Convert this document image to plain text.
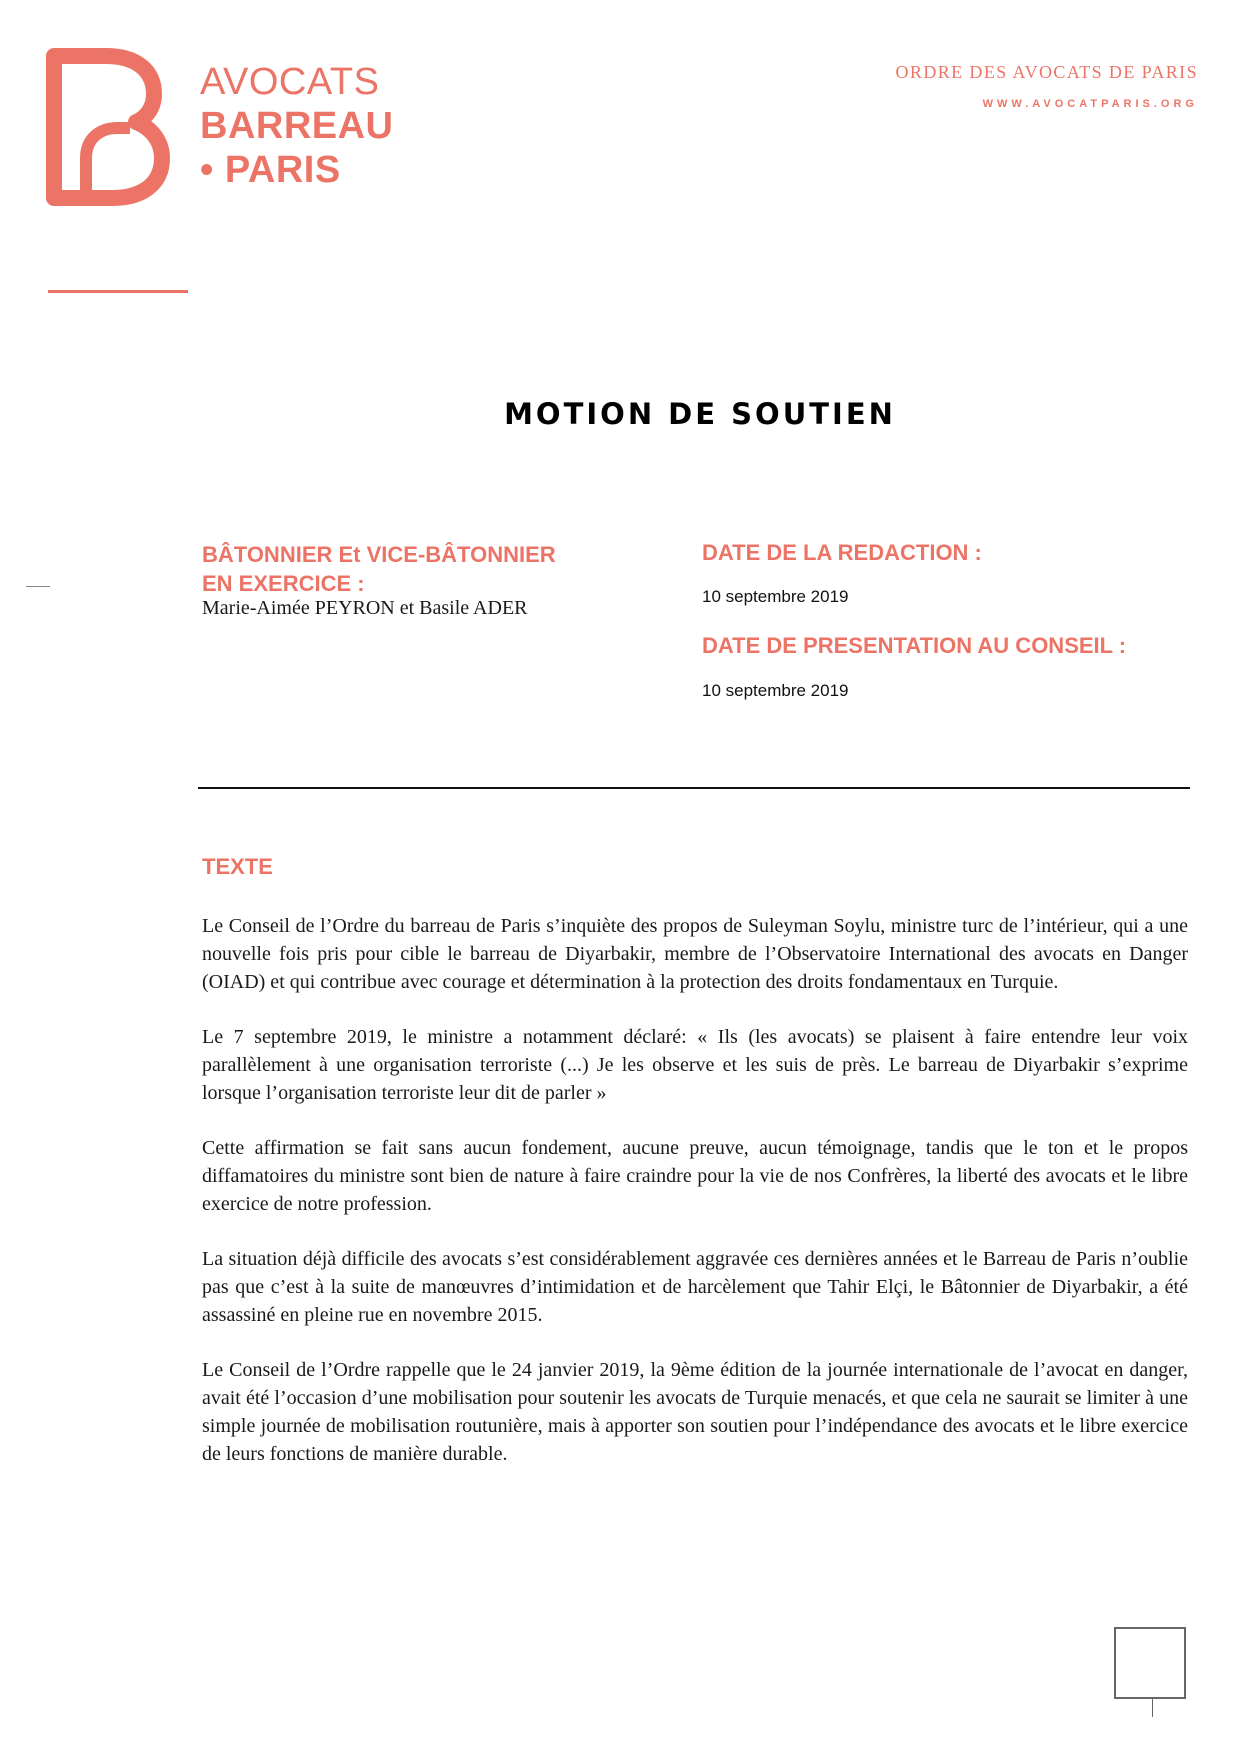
AVOCATS
BARREAU
• PARIS
ORDRE DES AVOCATS DE PARIS
WWW.AVOCATPARIS.ORG
MOTION DE SOUTIEN
BÂTONNIER Et VICE-BÂTONNIER
EN EXERCICE :
Marie-Aimée PEYRON et Basile ADER
DATE DE LA REDACTION :
10 septembre 2019
DATE DE PRESENTATION AU CONSEIL :
10 septembre 2019
TEXTE

Le Conseil de l’Ordre du barreau de Paris s’inquiète des propos de Suleyman Soylu, ministre turc de l’intérieur, qui a une nouvelle fois pris pour cible le barreau de Diyarbakir, membre de l’Observatoire International des avocats en Danger (OIAD) et qui contribue avec courage et détermination à la protection des droits fondamentaux en Turquie.

Le 7 septembre 2019, le ministre a notamment déclaré: « Ils (les avocats) se plaisent à faire entendre leur voix parallèlement à une organisation terroriste (...) Je les observe et les suis de près. Le barreau de Diyarbakir s’exprime lorsque l’organisation terroriste leur dit de parler »

Cette affirmation se fait sans aucun fondement, aucune preuve, aucun témoignage, tandis que le ton et le propos diffamatoires du ministre sont bien de nature à faire craindre pour la vie de nos Confrères, la liberté des avocats et le libre exercice de notre profession.

La situation déjà difficile des avocats s’est considérablement aggravée ces dernières années et le Barreau de Paris n’oublie pas que c’est à la suite de manœuvres d’intimidation et de harcèlement que Tahir Elçi, le Bâtonnier de Diyarbakir, a été assassiné en pleine rue en novembre 2015.

Le Conseil de l’Ordre rappelle que le 24 janvier 2019, la 9ème édition de la journée internationale de l’avocat en danger, avait été l’occasion d’une mobilisation pour soutenir les avocats de Turquie menacés, et que cela ne saurait se limiter à une simple journée de mobilisation routunière, mais à apporter son soutien pour l’indépendance des avocats et le libre exercice de leurs fonctions de manière durable.
